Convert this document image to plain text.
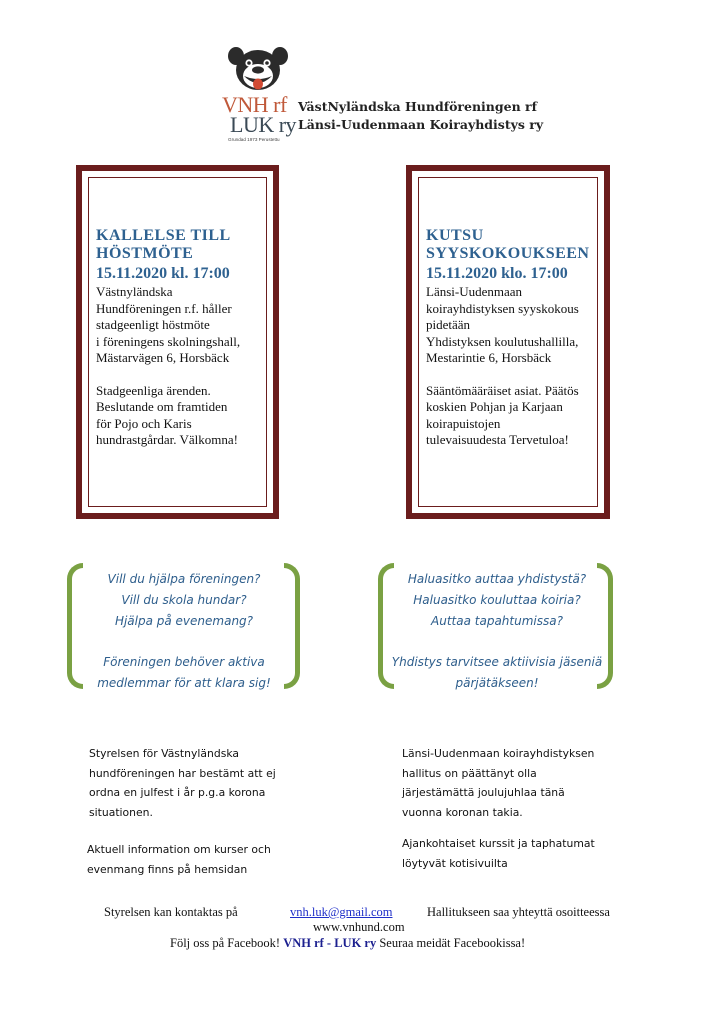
VNH rf
LUK ry
Grundad 1973 Perustettu
VästNyländska Hundföreningen rf
Länsi-Uudenmaan Koirayhdistys ry
KALLELSE TILL
HÖSTMÖTE
15.11.2020 kl. 17:00

Västnyländska
Hundföreningen r.f. håller
stadgeenligt höstmöte
i föreningens skolningshall,
Mästarvägen 6, Horsbäck

Stadgeenliga ärenden.
Beslutande om framtiden
för Pojo och Karis
hundrastgårdar. Välkomna!

KUTSU
SYYSKOKOUKSEEN
15.11.2020 klo. 17:00

Länsi-Uudenmaan
koirayhdistyksen syyskokous
pidetään
Yhdistyksen koulutushallilla,
Mestarintie 6, Horsbäck

Sääntömääräiset asiat. Päätös
koskien Pohjan ja Karjaan
koirapuistojen
tulevaisuudesta Tervetuloa!

Vill du hjälpa föreningen?
Vill du skola hundar?
Hjälpa på evenemang?
Föreningen behöver aktiva
medlemmar för att klara sig!
Haluasitko auttaa yhdistystä?
Haluasitko kouluttaa koiria?
Auttaa tapahtumissa?
Yhdistys tarvitsee aktiivisia jäseniä
pärjätäkseen!
Styrelsen för Västnyländska
hundföreningen har bestämt att ej
ordna en julfest i år p.g.a korona
situationen.
Aktuell information om kurser och
evenmang finns på hemsidan
Länsi-Uudenmaan koirayhdistyksen
hallitus on päättänyt olla
järjestämättä joulujuhlaa tänä
vuonna koronan takia.
Ajankohtaiset kurssit ja taphatumat
löytyvät kotisivuilta
Styrelsen kan kontaktas på	vnh.luk@gmail.com	Hallitukseen saa yhteyttä osoitteessa
www.vnhund.com
Följ oss på Facebook! VNH rf - LUK ry Seuraa meidät Facebookissa!
